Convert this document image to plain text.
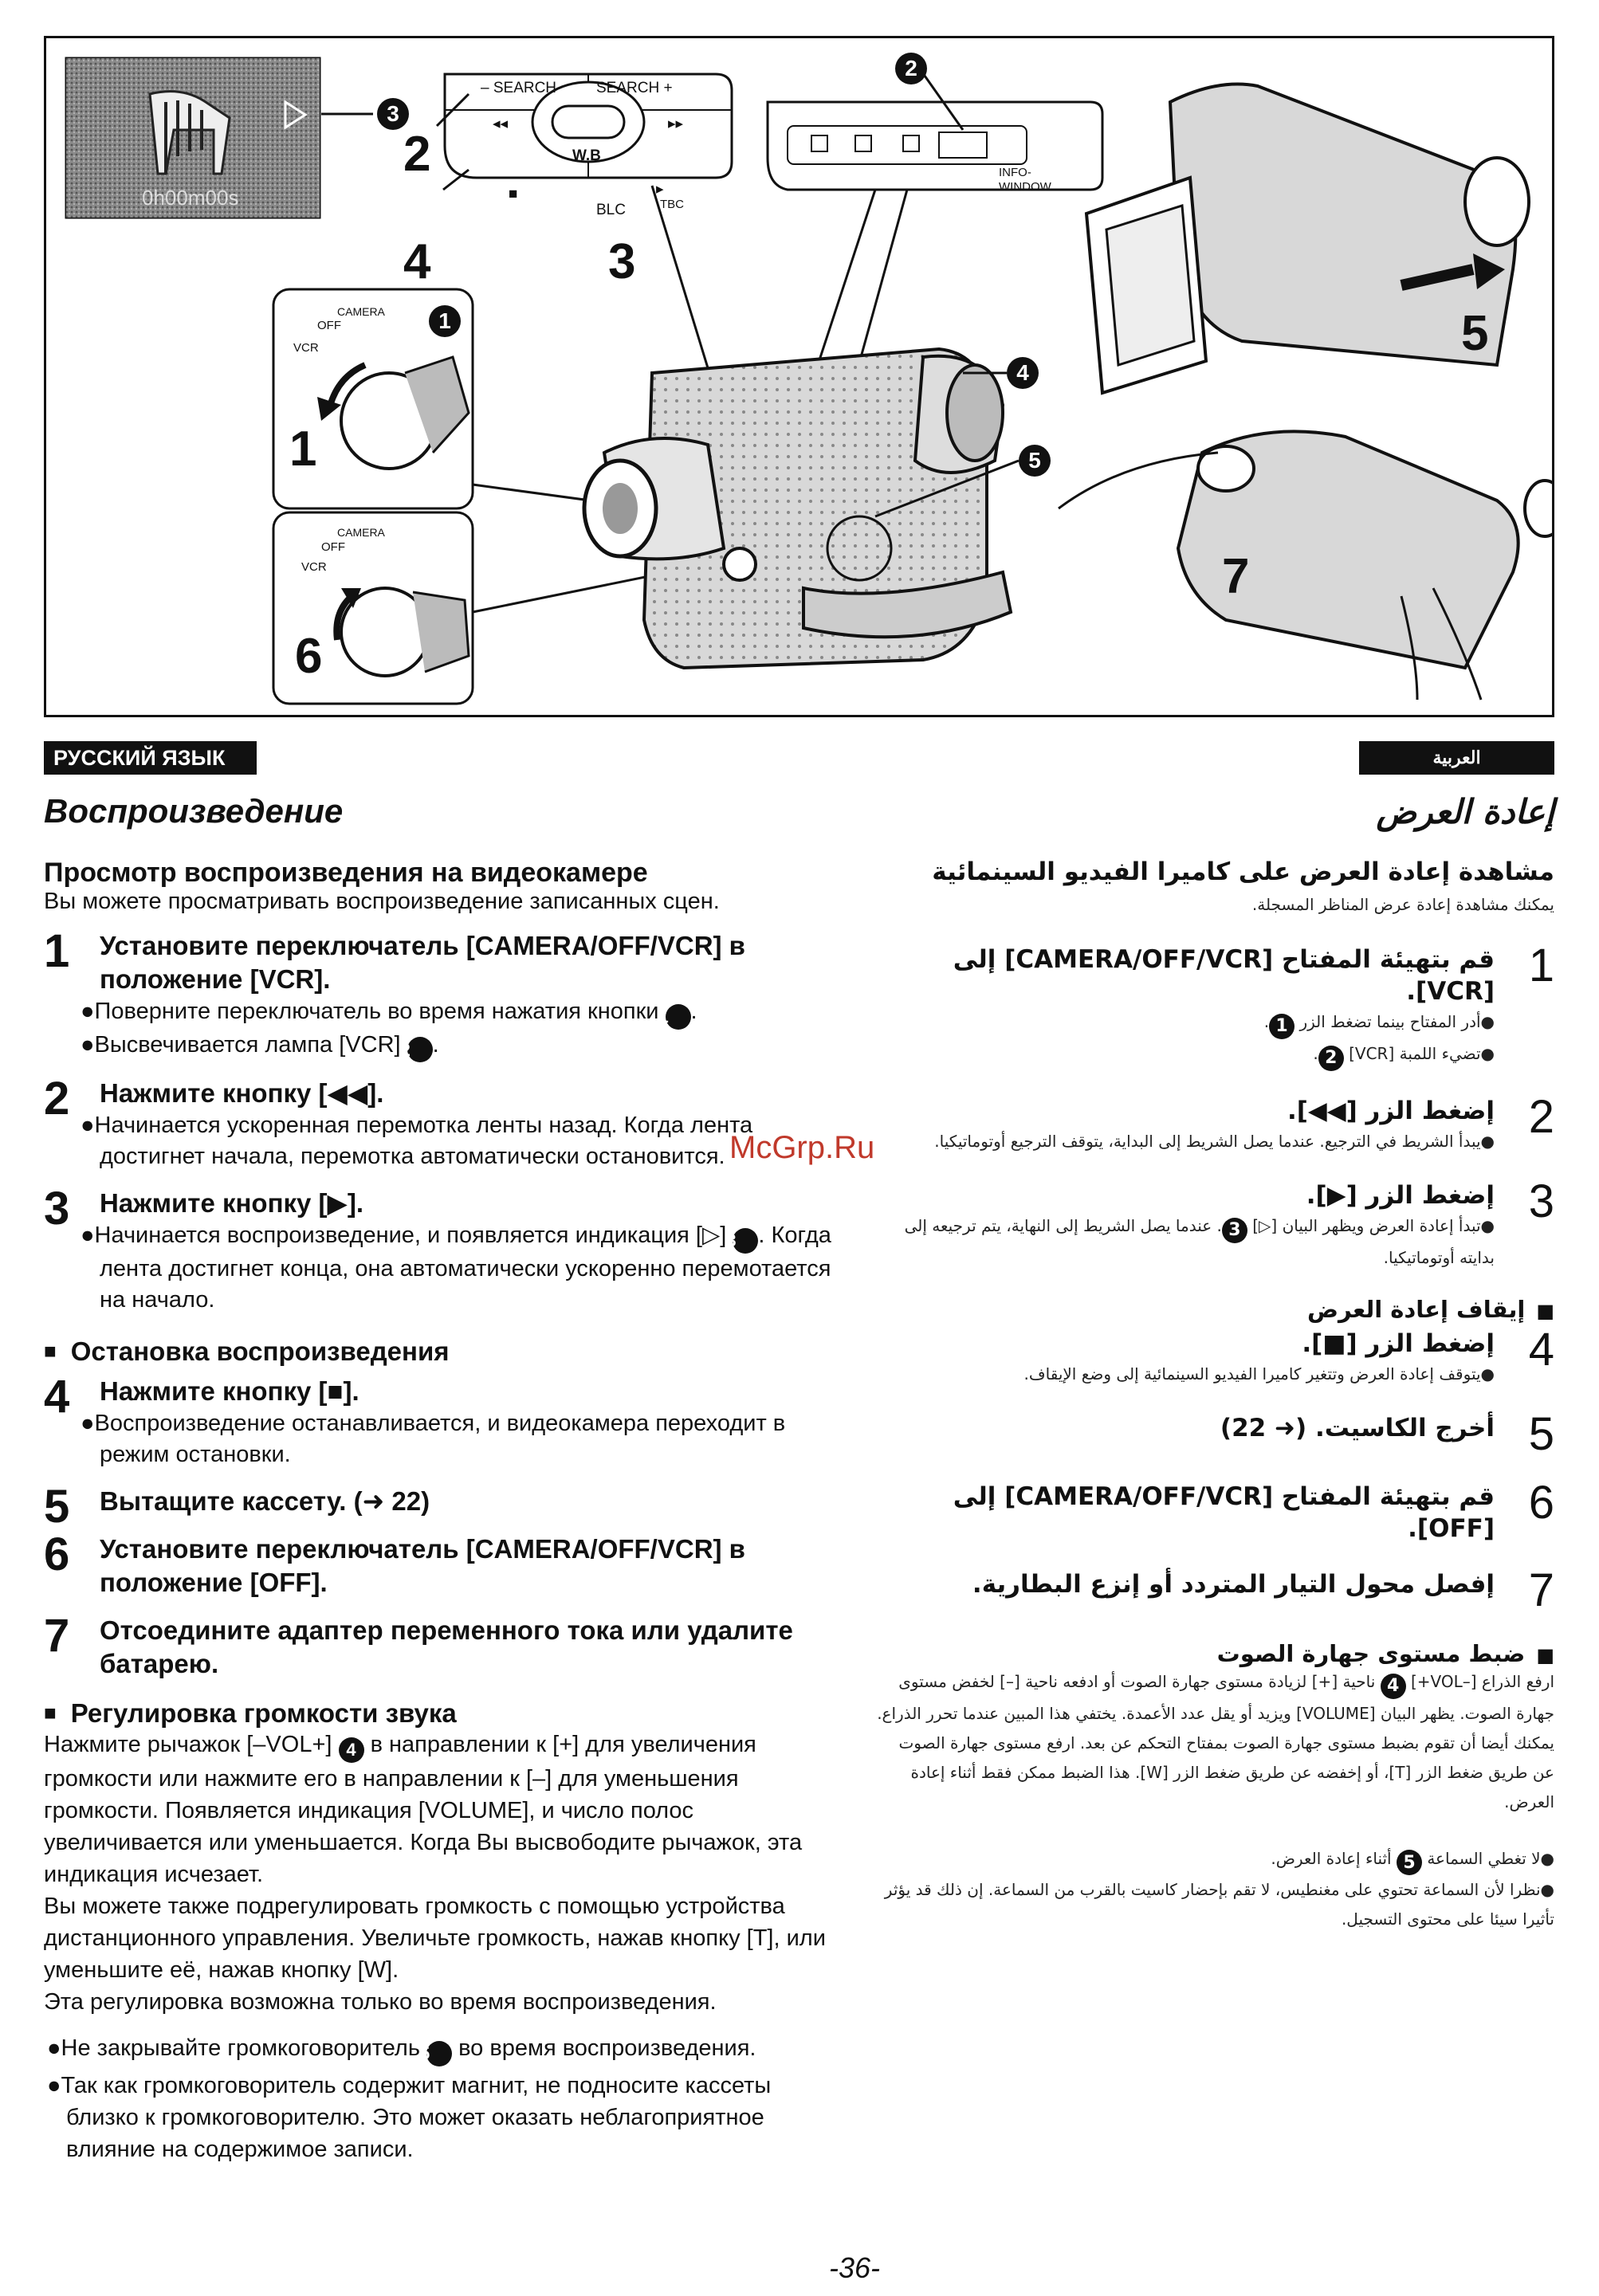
– SEARCH	SEARCH +
◂◂	▸▸
W.B
BLC	TBC
▸
■
INFO-
WINDOW
CAMERA
OFF
VCR
CAMERA
OFF
VCR
0h00m00s
2
4	3
1
6
5
7
3
2
1
4
5
РУССКИЙ ЯЗЫК
Воспроизведение

Просмотр воспроизведения на видеокамере

Вы можете просматривать воспроизведение записанных сцен.

1	Установите переключатель [CAMERA/OFF/VCR] в положение [VCR].
●Поверните переключатель во время нажатия кнопки 1 .
●Высвечивается лампа [VCR] 2 .
2	Нажмите кнопку [◀◀].
●Начинается ускоренная перемотка ленты назад. Когда лента достигнет начала, перемотка автоматически остановится.
3	Нажмите кнопку [▶].
●Начинается воспроизведение, и появляется индикация [▷] 3 . Когда лента достигнет конца, она автоматически ускоренно перемотается на начало.
■ Остановка воспроизведения
4	Нажмите кнопку [■].
●Воспроизведение останавливается, и видеокамера переходит в режим остановки.
5	Вытащите кассету. (➜ 22)
6	Установите переключатель [CAMERA/OFF/VCR] в положение [OFF].
7	Отсоедините адаптер переменного тока или удалите батарею.
■ Регулировка громкости звука

Нажмите рычажок [–VOL+] 4 в направлении к [+] для увеличения громкости или нажмите его в направлении к [–] для уменьшения громкости. Появляется индикация [VOLUME], и число полос увеличивается или уменьшается. Когда Вы высвободите рычажок, эта индикация исчезает.

Вы можете также подрегулировать громкость с помощью устройства дистанционного управления. Увеличьте громкость, нажав кнопку [T], или уменьшите её, нажав кнопку [W].

Эта регулировка возможна только во время воспроизведения.

●Не закрывайте громкоговоритель 5 во время воспроизведения.

●Так как громкоговоритель содержит магнит, не подносите кассеты близко к громкоговорителю. Это может оказать неблагоприятное влияние на содержимое записи.

العربية
إعادة العرض

مشاهدة إعادة العرض على كاميرا الفيديو السينمائية

يمكنك مشاهدة إعادة عرض المناظر المسجلة.

1
قم بتهيئة المفتاح [CAMERA/OFF/VCR] إلى [VCR].
●أدر المفتاح بينما تضغط الزر 1.
●تضيء اللمبة [VCR] 2.
2
إضغط الزر [◀◀].
●يبدأ الشريط في الترجيع. عندما يصل الشريط إلى البداية، يتوقف الترجيع أوتوماتيكيا.
3
إضغط الزر [▶].
●تبدأ إعادة العرض ويظهر البيان [▷] 3. عندما يصل الشريط إلى النهاية، يتم ترجيعه إلى بدايته أوتوماتيكيا.
■ إيقاف إعادة العرض
4
إضغط الزر [■].
●يتوقف إعادة العرض وتتغير كاميرا الفيديو السينمائية إلى وضع الإيقاف.
5
أخرج الكاسيت. (➜ 22)
6
قم بتهيئة المفتاح [CAMERA/OFF/VCR] إلى [OFF].
7
إفصل محول التيار المتردد أو إنزع البطارية.
■ ضبط مستوى جهارة الصوت

ارفع الذراع [–VOL+] 4 ناحية [+] لزيادة مستوى جهارة الصوت أو ادفعه ناحية [–] لخفض مستوى جهارة الصوت. يظهر البيان [VOLUME] ويزيد أو يقل عدد الأعمدة. يختفي هذا المبين عندما تحرر الذراع.

يمكنك أيضا أن تقوم بضبط مستوى جهارة الصوت بمفتاح التحكم عن بعد. ارفع مستوى جهارة الصوت عن طريق ضغط الزر [T]، أو إخفضه عن طريق ضغط الزر [W]. هذا الضبط ممكن فقط أثناء إعادة العرض.

●لا تغطي السماعة 5 أثناء إعادة العرض.

●نظرا لأن السماعة تحتوي على مغنطيس، لا تقم بإحضار كاسيت بالقرب من السماعة. إن ذلك قد يؤثر تأثيرا سيئا على محتوى التسجيل.

McGrp.Ru
-36-
